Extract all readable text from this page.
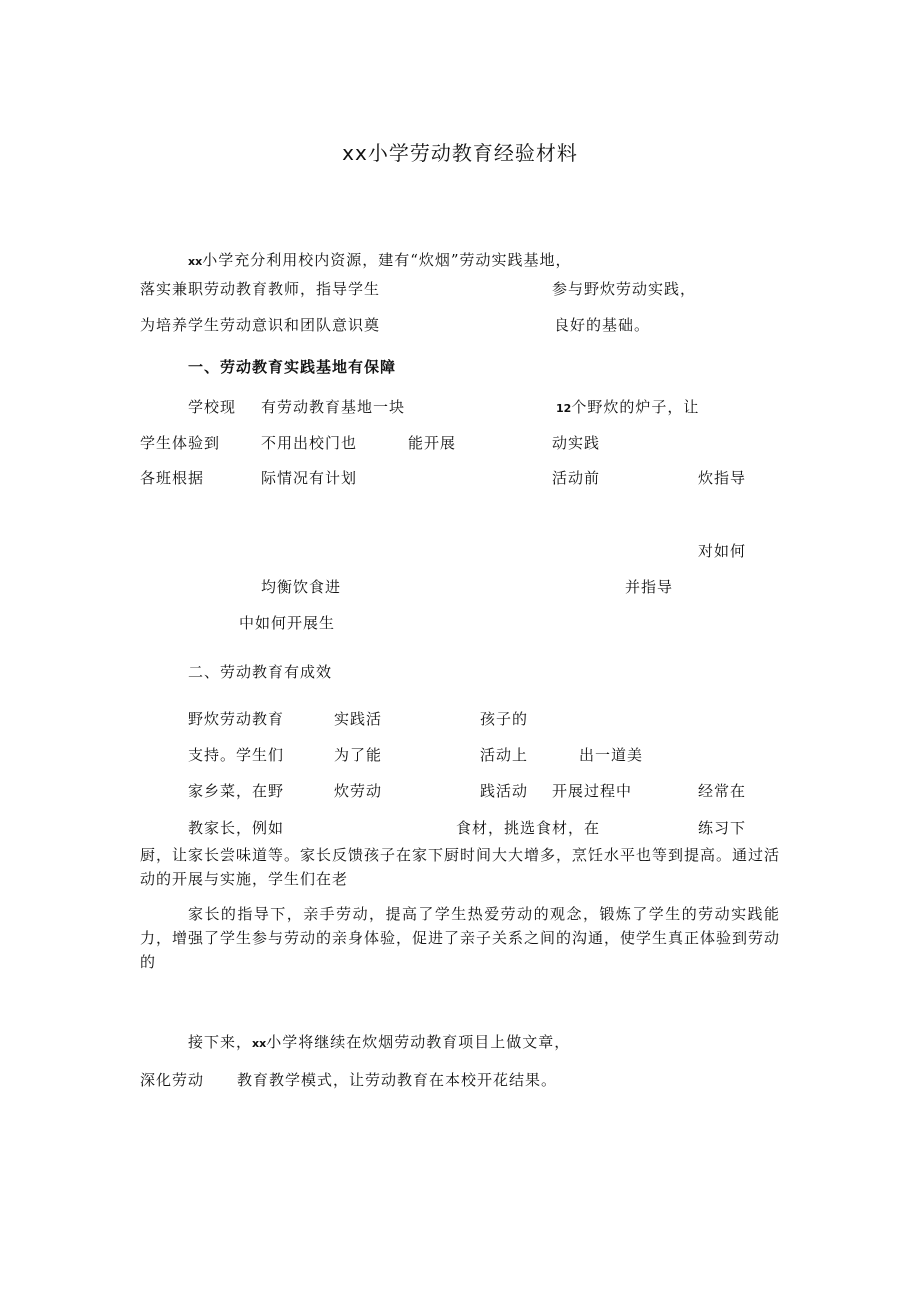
xx小学劳动教育经验材料
xx小学充分利用校内资源，建有“炊烟”劳动实践基地，
落实兼职劳动教育教师，指导学生	参与野炊劳动实践，
为培养学生劳动意识和团队意识奠	良好的基础。
一、劳动教育实践基地有保障
学校现 有劳动教育基地一块	12个野炊的炉子，让
学生体验到	不用出校门也	能开展	动实践
各班根据	际情况有计划	活动前	炊指导
对如何
均衡饮食进	并指导
中如何开展生
二、劳动教育有成效
野炊劳动教育	实践活	孩子的
支持。学生们	为了能	活动上	出一道美
家乡菜，在野	炊劳动	践活动 开展过程中	经常在
教家长，例如	食材，挑选食材，在	练习下
厨，让家长尝味道等。家长反馈孩子在家下厨时间大大增多，烹饪水平也等到提高。通过活动的开展与实施，学生们在老
家长的指导下，亲手劳动，提高了学生热爱劳动的观念，锻炼了学生的劳动实践能力，增强了学生参与劳动的亲身体验，促进了亲子关系之间的沟通，使学生真正体验到劳动的
接下来，xx小学将继续在炊烟劳动教育项目上做文章，
深化劳动 教育教学模式，让劳动教育在本校开花结果。
